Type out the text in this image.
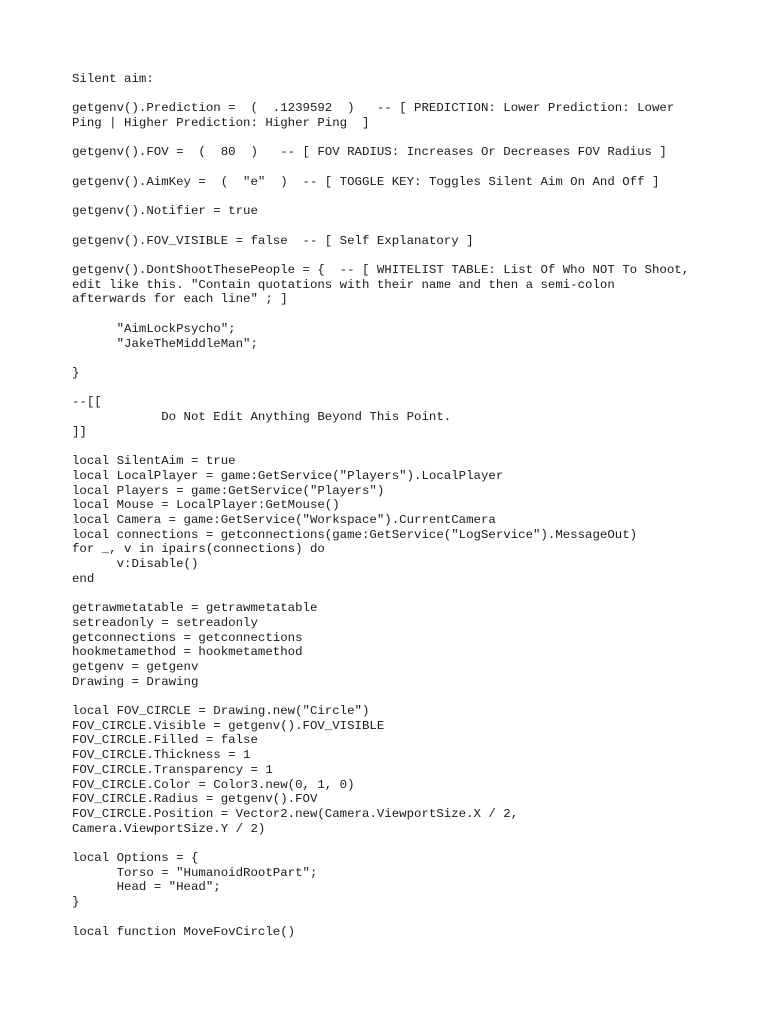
Silent aim:
getgenv().Prediction =  (  .1239592  )   -- [ PREDICTION: Lower Prediction: Lower
Ping | Higher Prediction: Higher Ping  ]
getgenv().FOV =  (  80  )   -- [ FOV RADIUS: Increases Or Decreases FOV Radius ]
getgenv().AimKey =  (  "e"  )  -- [ TOGGLE KEY: Toggles Silent Aim On And Off ]
getgenv().Notifier = true
getgenv().FOV_VISIBLE = false  -- [ Self Explanatory ]
getgenv().DontShootThesePeople = {  -- [ WHITELIST TABLE: List Of Who NOT To Shoot,
edit like this. "Contain quotations with their name and then a semi-colon
afterwards for each line" ; ]
"AimLockPsycho";
"JakeTheMiddleMan";
}
--[[
Do Not Edit Anything Beyond This Point.
]]
local SilentAim = true
local LocalPlayer = game:GetService("Players").LocalPlayer
local Players = game:GetService("Players")
local Mouse = LocalPlayer:GetMouse()
local Camera = game:GetService("Workspace").CurrentCamera
local connections = getconnections(game:GetService("LogService").MessageOut)
for _, v in ipairs(connections) do
v:Disable()
end
getrawmetatable = getrawmetatable
setreadonly = setreadonly
getconnections = getconnections
hookmetamethod = hookmetamethod
getgenv = getgenv
Drawing = Drawing
local FOV_CIRCLE = Drawing.new("Circle")
FOV_CIRCLE.Visible = getgenv().FOV_VISIBLE
FOV_CIRCLE.Filled = false
FOV_CIRCLE.Thickness = 1
FOV_CIRCLE.Transparency = 1
FOV_CIRCLE.Color = Color3.new(0, 1, 0)
FOV_CIRCLE.Radius = getgenv().FOV
FOV_CIRCLE.Position = Vector2.new(Camera.ViewportSize.X / 2,
Camera.ViewportSize.Y / 2)
local Options = {
Torso = "HumanoidRootPart";
Head = "Head";
}
local function MoveFovCircle()
